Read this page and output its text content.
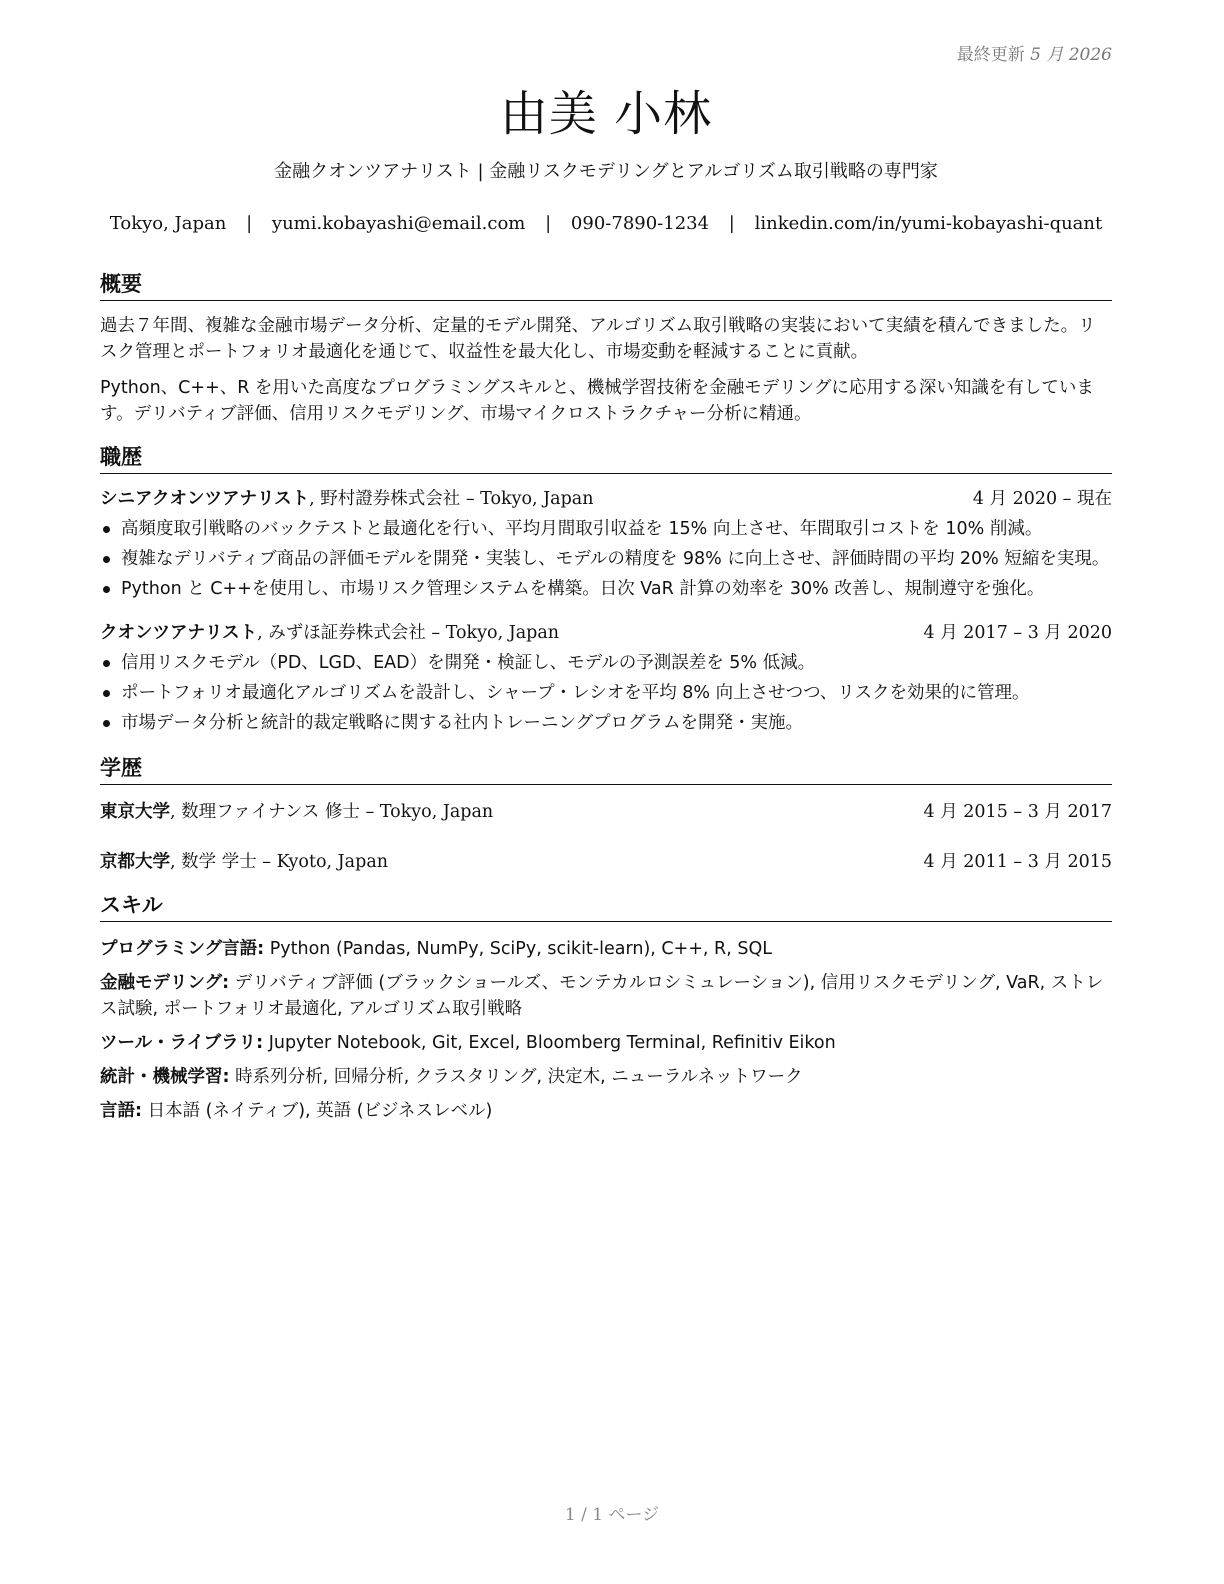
最終更新 5 月 2026
由美 小林
金融クオンツアナリスト | 金融リスクモデリングとアルゴリズム取引戦略の専門家
Tokyo, Japan | yumi.kobayashi@email.com | 090-7890-1234 | linkedin.com/in/yumi-kobayashi-quant
概要

過去７年間、複雑な金融市場データ分析、定量的モデル開発、アルゴリズム取引戦略の実装において実績を積んできました。リスク管理とポートフォリオ最適化を通じて、収益性を最大化し、市場変動を軽減することに貢献。

Python、C++、R を用いた高度なプログラミングスキルと、機械学習技術を金融モデリングに応用する深い知識を有しています。デリバティブ評価、信用リスクモデリング、市場マイクロストラクチャー分析に精通。

職歴
シニアクオンツアナリスト, 野村證券株式会社 – Tokyo, Japan	4 月 2020 – 現在
高頻度取引戦略のバックテストと最適化を行い、平均月間取引収益を 15% 向上させ、年間取引コストを 10% 削減。
複雑なデリバティブ商品の評価モデルを開発・実装し、モデルの精度を 98% に向上させ、評価時間の平均 20% 短縮を実現。
Python と C++を使用し、市場リスク管理システムを構築。日次 VaR 計算の効率を 30% 改善し、規制遵守を強化。
クオンツアナリスト, みずほ証券株式会社 – Tokyo, Japan	4 月 2017 – 3 月 2020
信用リスクモデル（PD、LGD、EAD）を開発・検証し、モデルの予測誤差を 5% 低減。
ポートフォリオ最適化アルゴリズムを設計し、シャープ・レシオを平均 8% 向上させつつ、リスクを効果的に管理。
市場データ分析と統計的裁定戦略に関する社内トレーニングプログラムを開発・実施。
学歴
東京大学, 数理ファイナンス 修士 – Tokyo, Japan	4 月 2015 – 3 月 2017
京都大学, 数学 学士 – Kyoto, Japan	4 月 2011 – 3 月 2015
スキル
プログラミング言語: Python (Pandas, NumPy, SciPy, scikit-learn), C++, R, SQL
金融モデリング: デリバティブ評価 (ブラックショールズ、モンテカルロシミュレーション), 信用リスクモデリング, VaR, ストレス試験, ポートフォリオ最適化, アルゴリズム取引戦略
ツール・ライブラリ: Jupyter Notebook, Git, Excel, Bloomberg Terminal, Refinitiv Eikon
統計・機械学習: 時系列分析, 回帰分析, クラスタリング, 決定木, ニューラルネットワーク
言語: 日本語 (ネイティブ), 英語 (ビジネスレベル)
1 / 1 ページ
